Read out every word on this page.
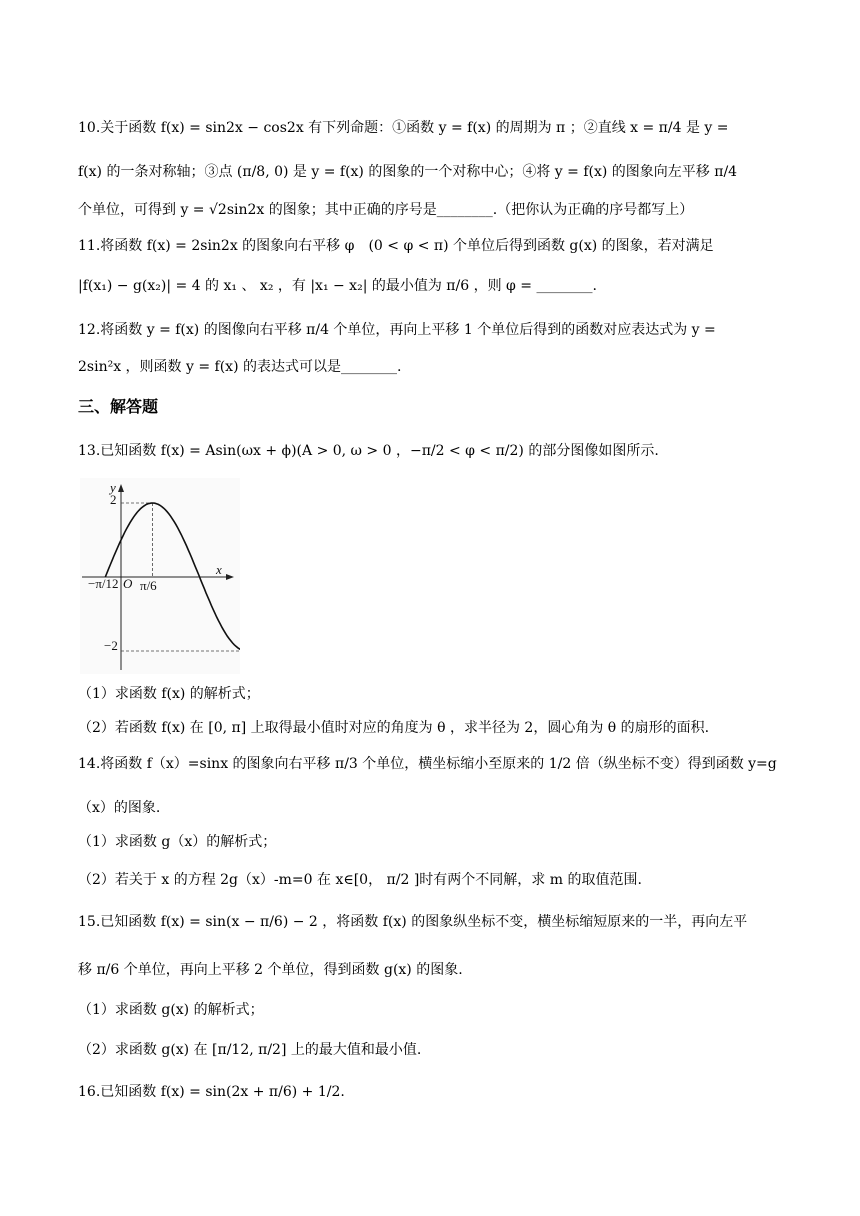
10.关于函数 f(x) = sin2x − cos2x 有下列命题：①函数 y = f(x) 的周期为 π ；②直线 x = π/4 是 y =
f(x) 的一条对称轴；③点 (π/8, 0) 是 y = f(x) 的图象的一个对称中心；④将 y = f(x) 的图象向左平移 π/4
个单位，可得到 y = √2sin2x 的图象；其中正确的序号是________.（把你认为正确的序号都写上）
11.将函数 f(x) = 2sin2x 的图象向右平移 φ　(0 < φ < π) 个单位后得到函数 g(x) 的图象，若对满足
|f(x₁) − g(x₂)| = 4 的 x₁ 、 x₂ ，有 |x₁ − x₂| 的最小值为 π/6 ，则 φ = ________.
12.将函数 y = f(x) 的图像向右平移 π/4 个单位，再向上平移 1 个单位后得到的函数对应表达式为 y =
2sin²x ，则函数 y = f(x) 的表达式可以是________.
三、解答题
13.已知函数 f(x) = Asin(ωx + ϕ)(A > 0, ω > 0 ，−π/2 < φ < π/2) 的部分图像如图所示.
y
x
O
2
−2
−π/12 π/6
（1）求函数 f(x) 的解析式；
（2）若函数 f(x) 在 [0, π] 上取得最小值时对应的角度为 θ ，求半径为 2，圆心角为 θ 的扇形的面积.
14.将函数 f（x）=sinx 的图象向右平移 π/3 个单位，横坐标缩小至原来的 1/2 倍（纵坐标不变）得到函数 y=g
（x）的图象.
（1）求函数 g（x）的解析式；
（2）若关于 x 的方程 2g（x）-m=0 在 x∈[0， π/2 ]时有两个不同解，求 m 的取值范围.
15.已知函数 f(x) = sin(x − π/6) − 2 ，将函数 f(x) 的图象纵坐标不变，横坐标缩短原来的一半，再向左平
移 π/6 个单位，再向上平移 2 个单位，得到函数 g(x) 的图象.
（1）求函数 g(x) 的解析式；
（2）求函数 g(x) 在 [π/12, π/2] 上的最大值和最小值.
16.已知函数 f(x) = sin(2x + π/6) + 1/2.
